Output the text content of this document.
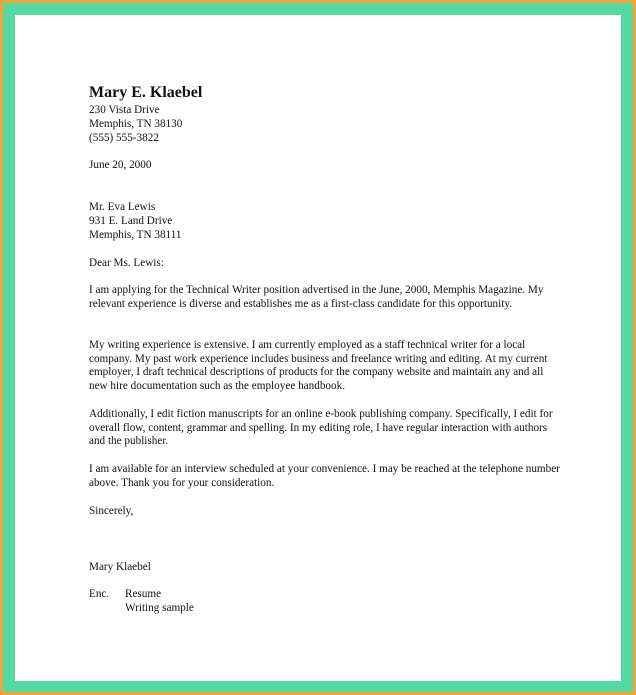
Mary E. Klaebel
230 Vista Drive
Memphis, TN 38130
(555) 555-3822
June 20, 2000
Mr. Eva Lewis
931 E. Land Drive
Memphis, TN 38111
Dear Ms. Lewis:
I am applying for the Technical Writer position advertised in the June, 2000, Memphis Magazine. My relevant experience is diverse and establishes me as a first-class candidate for this opportunity.
My writing experience is extensive. I am currently employed as a staff technical writer for a local company. My past work experience includes business and freelance writing and editing. At my current employer, I draft technical descriptions of products for the company website and maintain any and all new hire documentation such as the employee handbook.
Additionally, I edit fiction manuscripts for an online e-book publishing company. Specifically, I edit for overall flow, content, grammar and spelling. In my editing role, I have regular interaction with authors and the publisher.
I am available for an interview scheduled at your convenience. I may be reached at the telephone number above. Thank you for your consideration.
Sincerely,
Mary Klaebel
Enc. Resume
Writing sample
